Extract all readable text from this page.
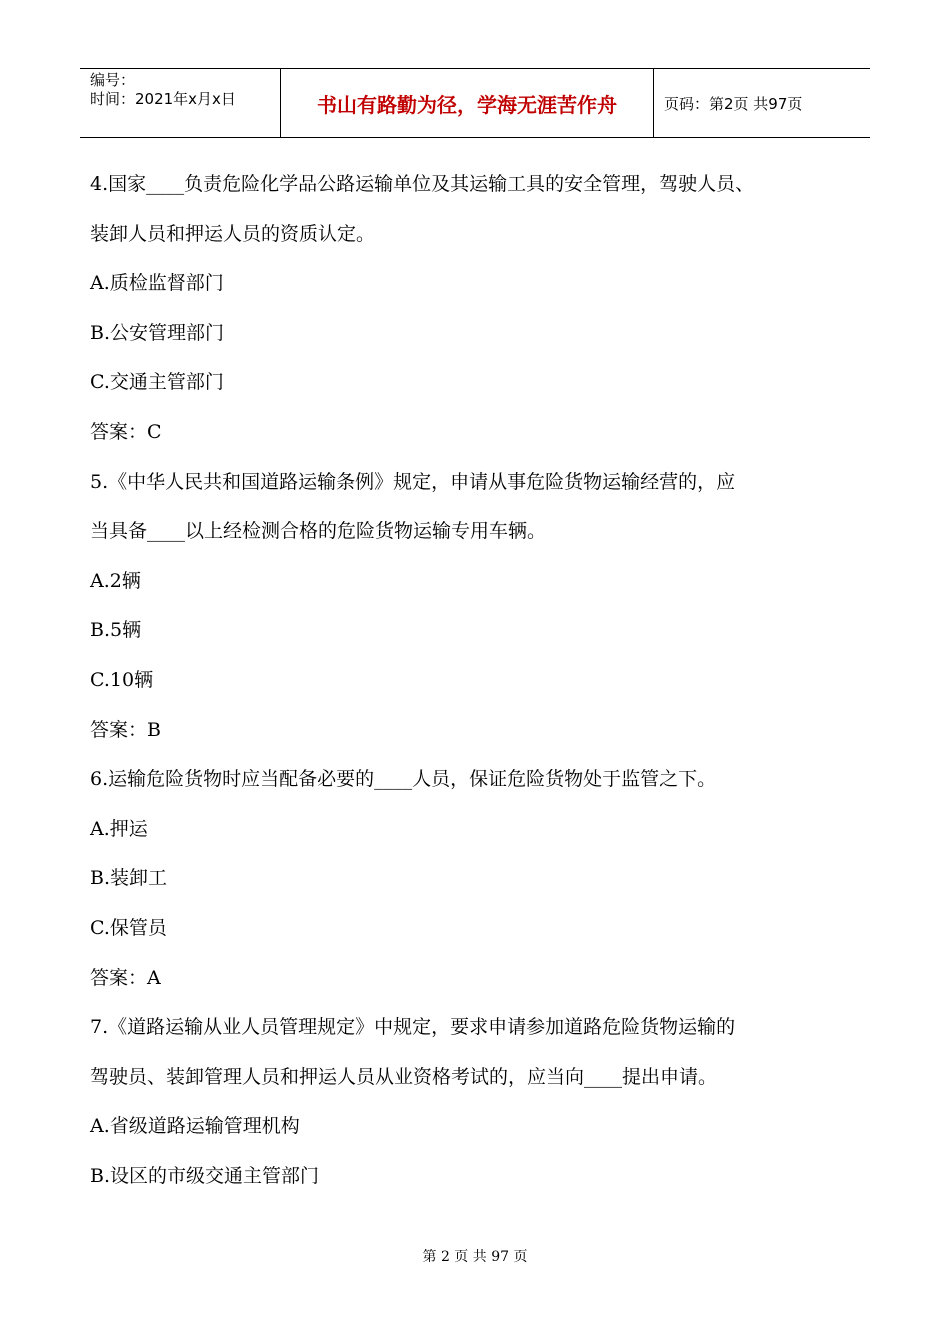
编号：
时间：2021年x月x日	书山有路勤为径，学海无涯苦作舟	页码：第2页 共97页
4.国家____负责危险化学品公路运输单位及其运输工具的安全管理，驾驶人员、
装卸人员和押运人员的资质认定。
A.质检监督部门
B.公安管理部门
C.交通主管部门
答案：C
5.《中华人民共和国道路运输条例》规定，申请从事危险货物运输经营的，应
当具备____以上经检测合格的危险货物运输专用车辆。
A.2辆
B.5辆
C.10辆
答案：B
6.运输危险货物时应当配备必要的____人员，保证危险货物处于监管之下。
A.押运
B.装卸工
C.保管员
答案：A
7.《道路运输从业人员管理规定》中规定，要求申请参加道路危险货物运输的
驾驶员、装卸管理人员和押运人员从业资格考试的，应当向____提出申请。
A.省级道路运输管理机构
B.设区的市级交通主管部门
第 2 页 共 97 页
